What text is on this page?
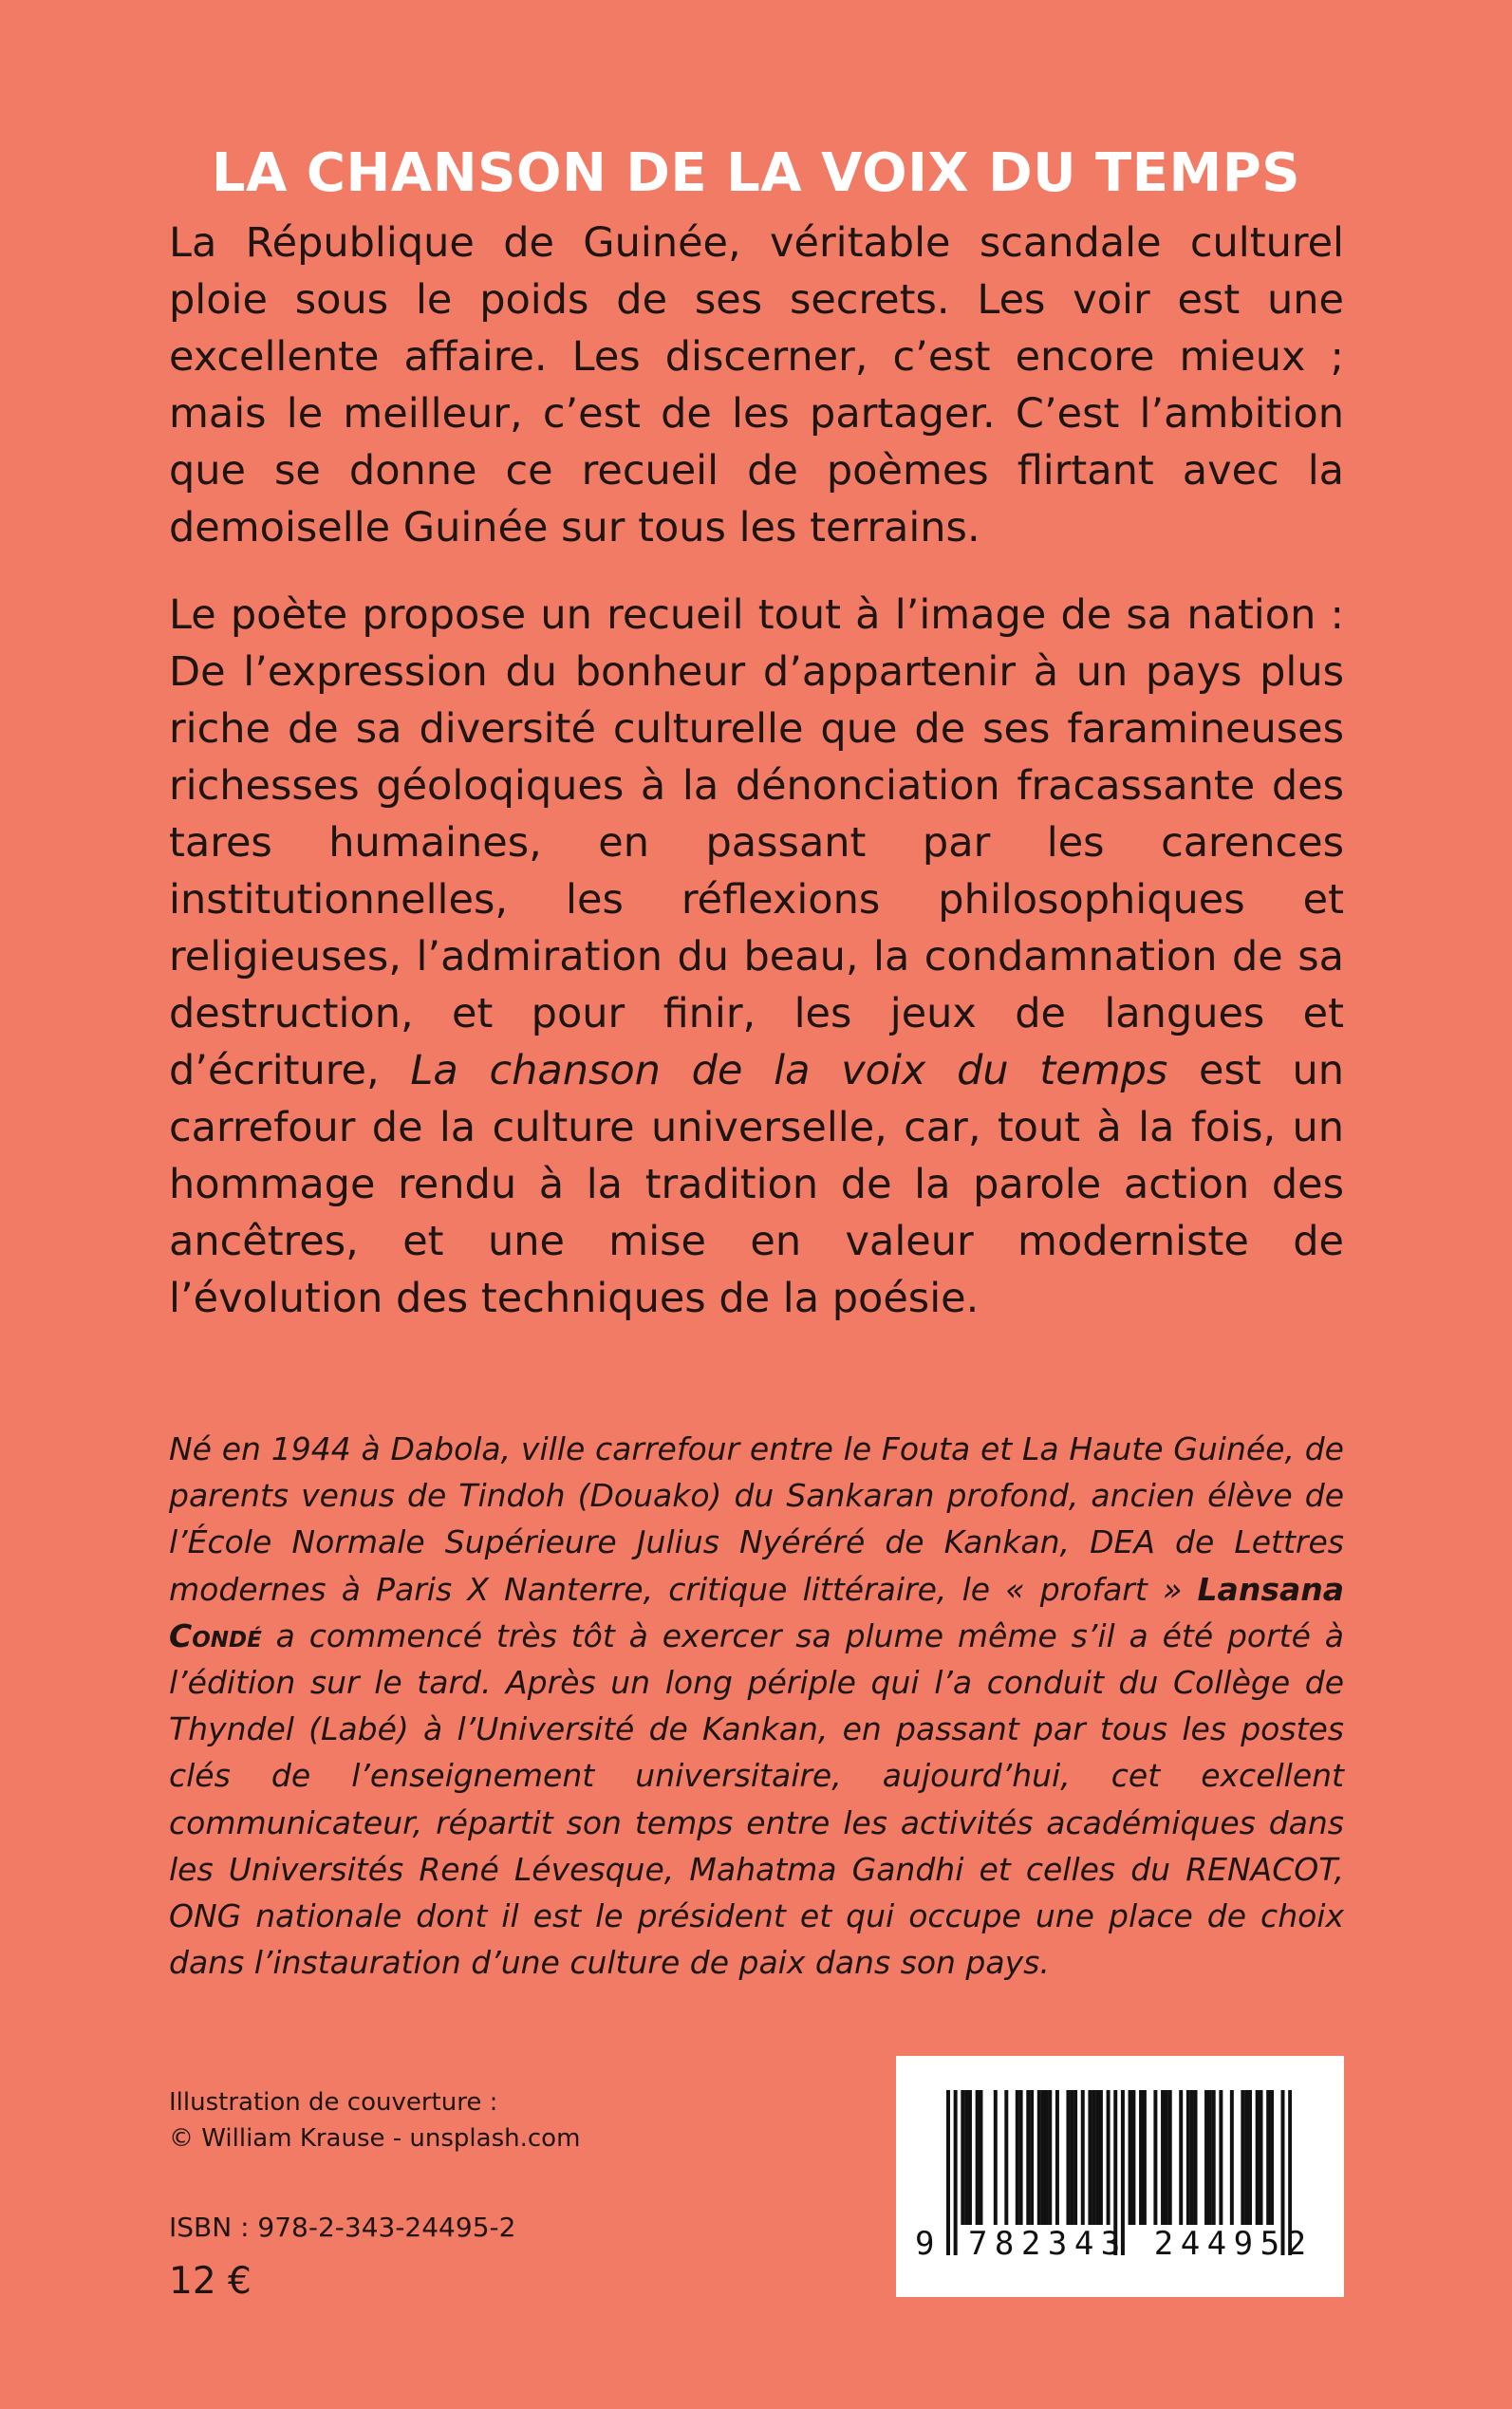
LA CHANSON DE LA VOIX DU TEMPS

La République de Guinée, véritable scandale culturel ploie sous le poids de ses secrets. Les voir est une excellente affaire. Les discerner, c’est encore mieux ; mais le meilleur, c’est de les partager. C’est l’ambition que se donne ce recueil de poèmes flirtant avec la demoiselle Guinée sur tous les terrains.

Le poète propose un recueil tout à l’image de sa nation : De l’expression du bonheur d’appartenir à un pays plus riche de sa diversité culturelle que de ses faramineuses richesses géoloqiques à la dénonciation fracassante des tares humaines, en passant par les carences institutionnelles, les réflexions philosophiques et religieuses, l’admiration du beau, la condamnation de sa destruction, et pour finir, les jeux de langues et d’écriture, La chanson de la voix du temps est un carrefour de la culture universelle, car, tout à la fois, un hommage rendu à la tradition de la parole action des ancêtres, et une mise en valeur moderniste de l’évolution des techniques de la poésie.

Né en 1944 à Dabola, ville carrefour entre le Fouta et La Haute Guinée, de parents venus de Tindoh (Douako) du Sankaran profond, ancien élève de l’École Normale Supérieure Julius Nyéréré de Kankan, DEA de Lettres modernes à Paris X Nanterre, critique littéraire, le « profart » Lansana Condé a commencé très tôt à exercer sa plume même s’il a été porté à l’édition sur le tard. Après un long périple qui l’a conduit du Collège de Thyndel (Labé) à l’Université de Kankan, en passant par tous les postes clés de l’enseignement universitaire, aujourd’hui, cet excellent communicateur, répartit son temps entre les activités académiques dans les Universités René Lévesque, Mahatma Gandhi et celles du RENACOT, ONG nationale dont il est le président et qui occupe une place de choix dans l’instauration d’une culture de paix dans son pays.

Illustration de couverture :
© William Krause - unsplash.com
ISBN : 978-2-343-24495-2
12 €
9 782343 244952
